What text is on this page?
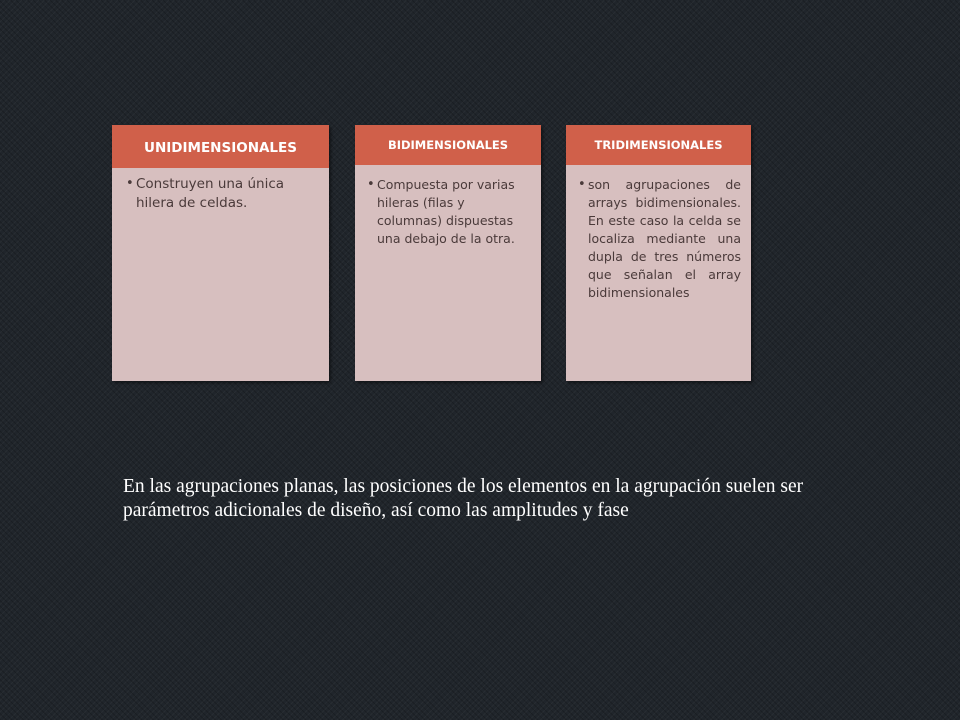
UNIDIMENSIONALES
• Construyen una única hilera de celdas.
BIDIMENSIONALES
• Compuesta por varias hileras (filas y columnas) dispuestas una debajo de la otra.
TRIDIMENSIONALES
• son agrupaciones de arrays bidimensionales. En este caso la celda se localiza mediante una dupla de tres números que señalan el array bidimensionales
En las agrupaciones planas, las posiciones de los elementos en la agrupación suelen ser parámetros adicionales de diseño, así como las amplitudes y fase
